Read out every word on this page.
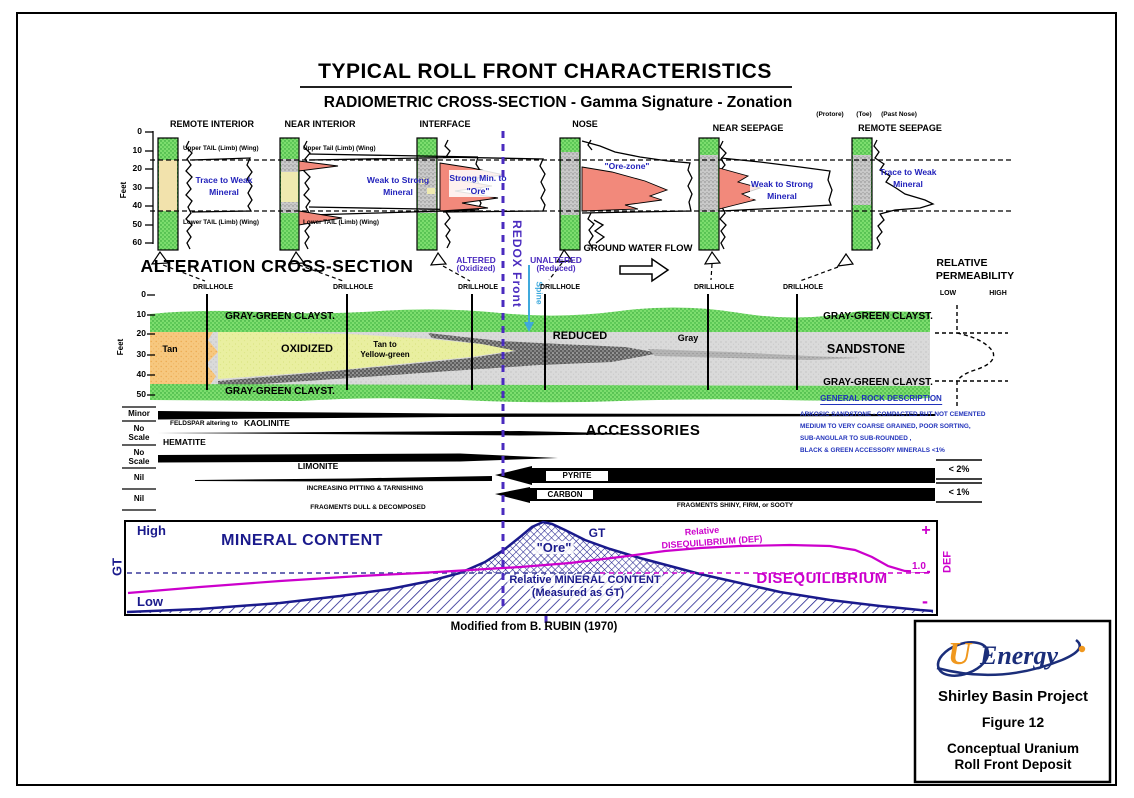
TYPICAL ROLL FRONT CHARACTERISTICS
RADIOMETRIC CROSS-SECTION - Gamma Signature - Zonation
0
10
20
30
40
50
60
Feet
REMOTE INTERIOR	NEAR INTERIOR	INTERFACE	NOSE	NEAR SEEPAGE	REMOTE SEEPAGE
(Protore) (Toe) (Past Nose)
Upper TAIL (Limb) (Wing)
Lower TAIL (Limb) (Wing)
Upper Tail (Limb) (Wing)
Lower TAIL (Limb) (Wing)
Trace to Weak
Mineral
Weak to Strong
Mineral
Strong Min. to
"Ore"
"Ore-zone"
Weak to Strong
Mineral
Trace to Weak
Mineral
GROUND WATER FLOW
ALTERED
(Oxidized)
UNALTERED
(Reduced)
REDOX Front Spine
ALTERATION CROSS-SECTION
DRILLHOLE	DRILLHOLE	DRILLHOLE	DRILLHOLE	DRILLHOLE	DRILLHOLE
0
10
20
30
40
50
Feet
GRAY-GREEN CLAYST.	GRAY-GREEN CLAYST.
GRAY-GREEN CLAYST.
GRAY-GREEN CLAYST.
Tan	OXIDIZED	Tan to
Yellow-green
REDUCED	Gray
SANDSTONE
RELATIVE
PERMEABILITY
LOW	HIGH
GENERAL ROCK DESCRIPTION
ARKOSIC SANDSTONE - COMPACTED BUT NOT CEMENTED
MEDIUM TO VERY COARSE GRAINED, POOR SORTING,
SUB-ANGULAR TO SUB-ROUNDED ,
BLACK & GREEN ACCESSORY MINERALS <1%
ACCESSORIES
Minor
No Scale
No Scale
Nil
Nil
FELDSPAR altering to KAOLINITE
HEMATITE
LIMONITE
INCREASING PITTING & TARNISHING
FRAGMENTS DULL & DECOMPOSED
PYRITE
CARBON
FRAGMENTS SHINY, FIRM, or SOOTY
< 2%
< 1%
High
Low
GT
MINERAL CONTENT	"Ore"
GT	Relative
DISEQUILIBRIUM (DEF)
Relative MINERAL CONTENT
(Measured as GT)
DISEQUILIBRIUM
+
1.0
-
DEF
Modified from B. RUBIN (1970)
U Energy
Shirley Basin Project
Figure 12
Conceptual Uranium
Roll Front Deposit
